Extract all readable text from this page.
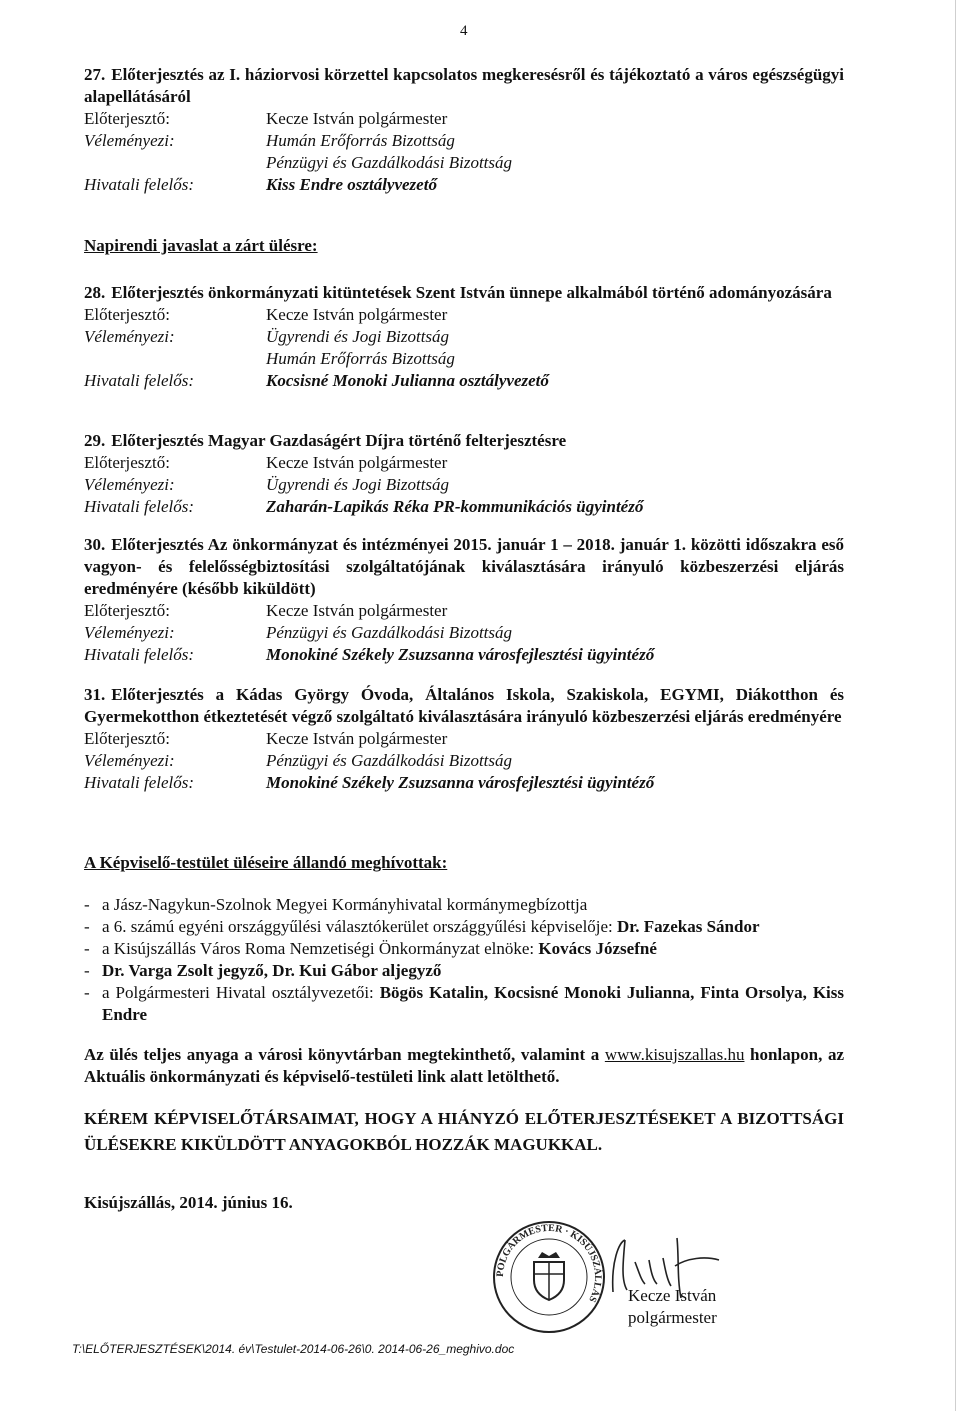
4
27. Előterjesztés az I. háziorvosi körzettel kapcsolatos megkeresésről és tájékoztató a város egészségügyi alapellátásáról
Előterjesztő:	Kecze István polgármester
Véleményezi:	Humán Erőforrás Bizottság
Pénzügyi és Gazdálkodási Bizottság
Hivatali felelős:	Kiss Endre osztályvezető
Napirendi javaslat a zárt ülésre:
28. Előterjesztés önkormányzati kitüntetések Szent István ünnepe alkalmából történő adományozására
Előterjesztő:	Kecze István polgármester
Véleményezi:	Ügyrendi és Jogi Bizottság
Humán Erőforrás Bizottság
Hivatali felelős:	Kocsisné Monoki Julianna osztályvezető
29. Előterjesztés Magyar Gazdaságért Díjra történő felterjesztésre
Előterjesztő:	Kecze István polgármester
Véleményezi:	Ügyrendi és Jogi Bizottság
Hivatali felelős:	Zaharán-Lapikás Réka PR-kommunikációs ügyintéző
30. Előterjesztés Az önkormányzat és intézményei 2015. január 1 – 2018. január 1. közötti időszakra eső vagyon- és felelősségbiztosítási szolgáltatójának kiválasztására irányuló közbeszerzési eljárás eredményére (később kiküldött)
Előterjesztő:	Kecze István polgármester
Véleményezi:	Pénzügyi és Gazdálkodási Bizottság
Hivatali felelős:	Monokiné Székely Zsuzsanna városfejlesztési ügyintéző
31. Előterjesztés a Kádas György Óvoda, Általános Iskola, Szakiskola, EGYMI, Diákotthon és Gyermekotthon étkeztetését végző szolgáltató kiválasztására irányuló közbeszerzési eljárás eredményére
Előterjesztő:	Kecze István polgármester
Véleményezi:	Pénzügyi és Gazdálkodási Bizottság
Hivatali felelős:	Monokiné Székely Zsuzsanna városfejlesztési ügyintéző
A Képviselő-testület üléseire állandó meghívottak:
- a Jász-Nagykun-Szolnok Megyei Kormányhivatal kormánymegbízottja
- a 6. számú egyéni országgyűlési választókerület országgyűlési képviselője: Dr. Fazekas Sándor
- a Kisújszállás Város Roma Nemzetiségi Önkormányzat elnöke: Kovács Józsefné
- Dr. Varga Zsolt jegyző, Dr. Kui Gábor aljegyző
- a Polgármesteri Hivatal osztályvezetői: Bögös Katalin, Kocsisné Monoki Julianna, Finta Orsolya, Kiss Endre
Az ülés teljes anyaga a városi könyvtárban megtekinthető, valamint a www.kisujszallas.hu honlapon, az Aktuális önkormányzati és képviselő-testületi link alatt letölthető.
KÉREM KÉPVISELŐTÁRSAIMAT, HOGY A HIÁNYZÓ ELŐTERJESZTÉSEKET A BIZOTTSÁGI ÜLÉSEKRE KIKÜLDÖTT ANYAGOKBÓL HOZZÁK MAGUKKAL.
Kisújszállás, 2014. június 16.
POLGÁRMESTER · KISÚJSZÁLLÁS	Kecze István
polgármester
T:\ELŐTERJESZTÉSEK\2014. év\Testulet-2014-06-26\0. 2014-06-26_meghivo.doc
